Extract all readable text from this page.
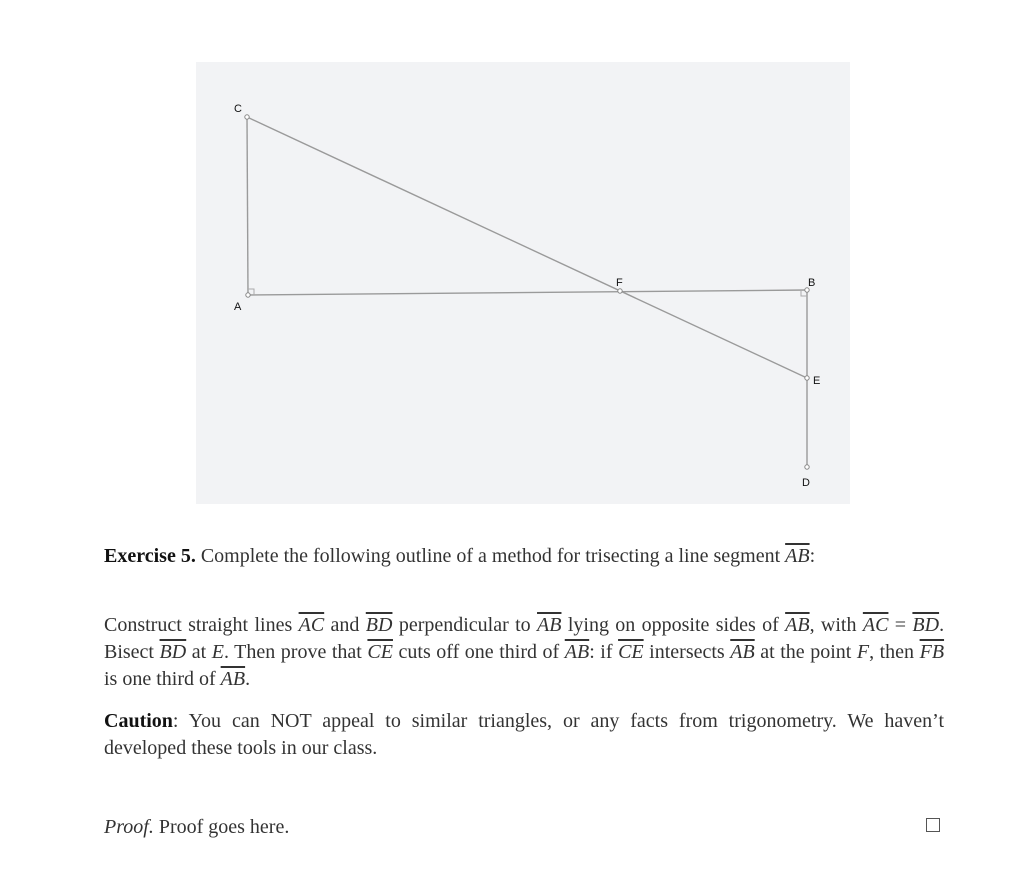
C
A
F	B
E
D
Exercise 5. Complete the following outline of a method for trisecting a line segment $\overline{AB}$:
Construct straight lines $\overline{AC}$ and $\overline{BD}$ perpendicular to $\overline{AB}$ lying on opposite sides of $\overline{AB}$, with $\overline{AC} = \overline{BD}$. Bisect $\overline{BD}$ at E. Then prove that $\overline{CE}$ cuts off one third of $\overline{AB}$: if $\overline{CE}$ intersects $\overline{AB}$ at the point F, then $\overline{FB}$ is one third of $\overline{AB}$.
Caution: You can NOT appeal to similar triangles, or any facts from trigonometry. We haven’t developed these tools in our class.
Proof. Proof goes here.
